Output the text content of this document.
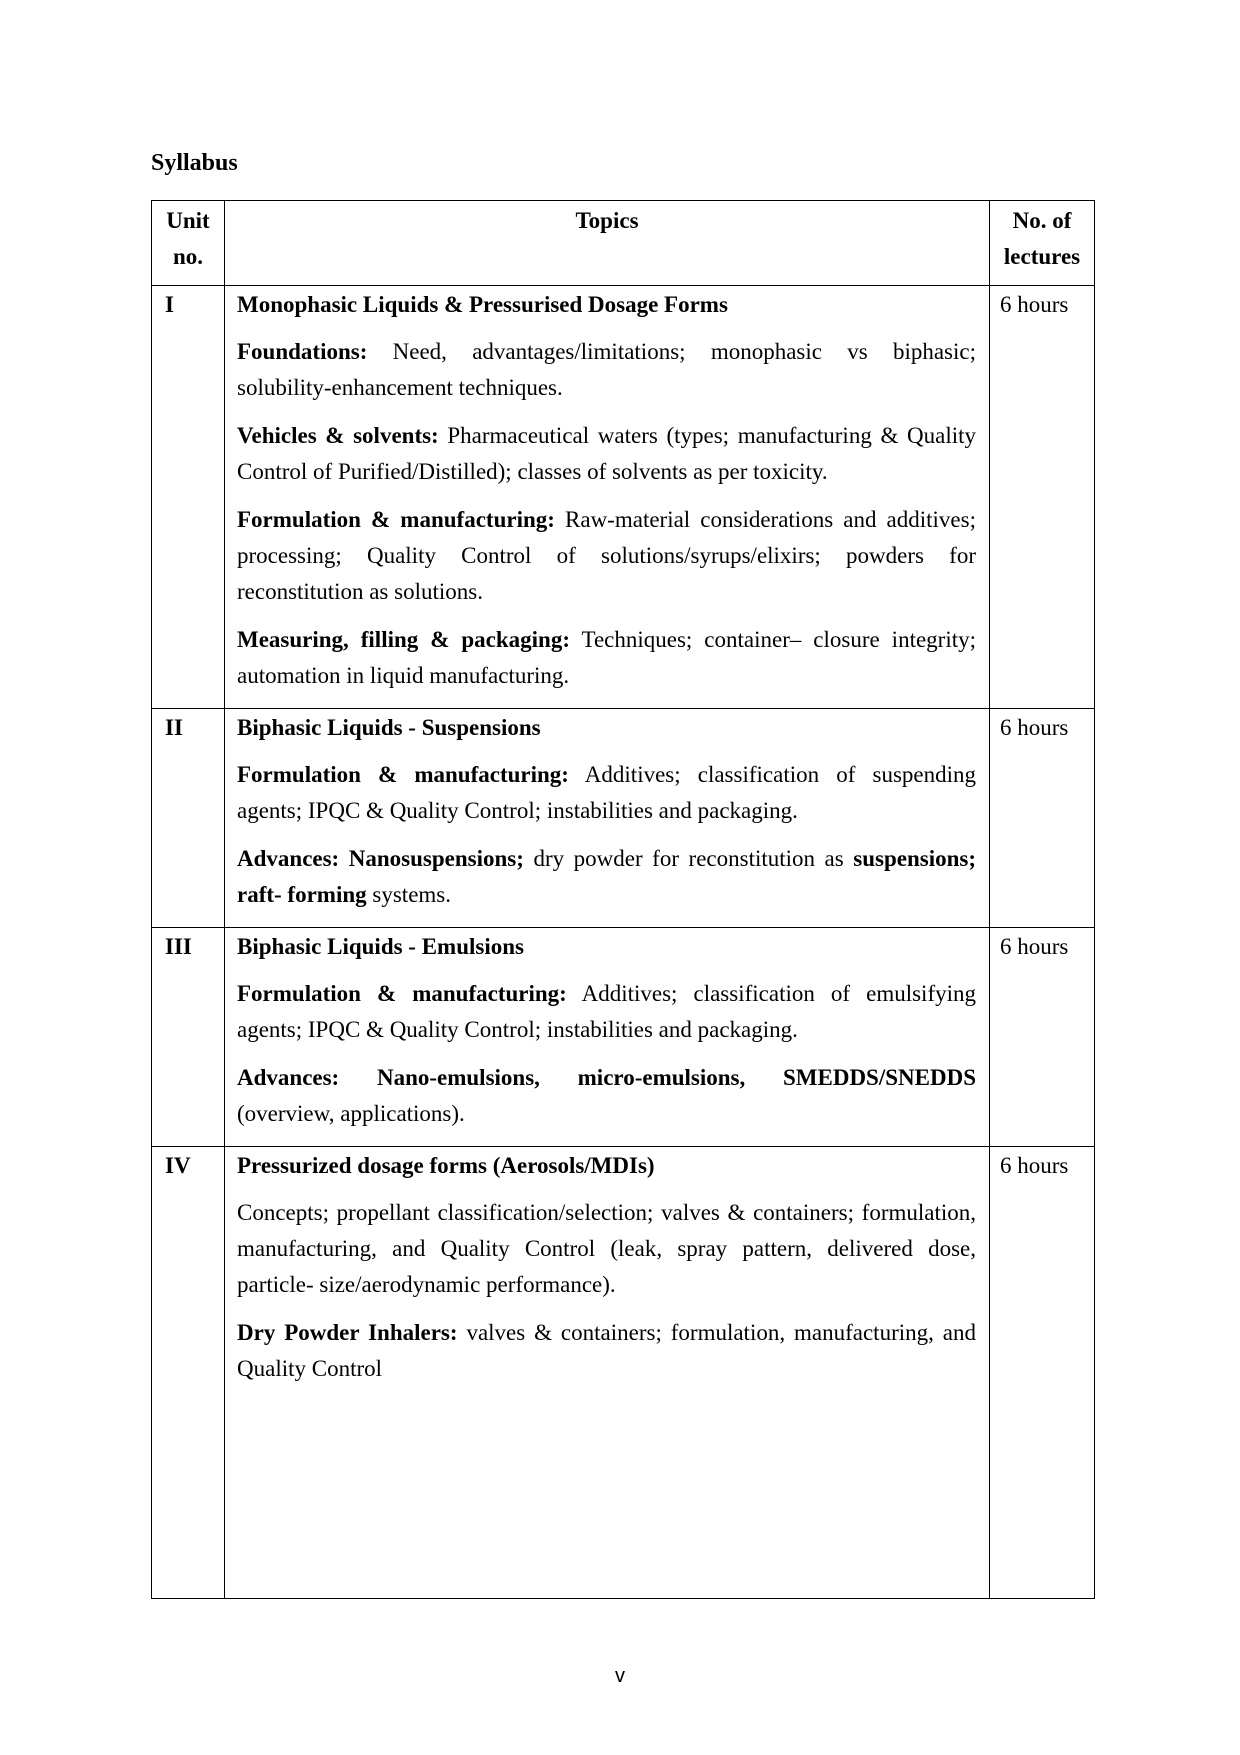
Syllabus
Unit no.	Topics	No. of lectures
I	Monophasic Liquids & Pressurised Dosage Forms
Foundations: Need, advantages/limitations; monophasic vs biphasic; solubility-enhancement techniques.
Vehicles & solvents: Pharmaceutical waters (types; manufacturing & Quality Control of Purified/Distilled); classes of solvents as per toxicity.
Formulation & manufacturing: Raw-material considerations and additives; processing; Quality Control of solutions/syrups/elixirs; powders for reconstitution as solutions.
Measuring, filling & packaging: Techniques; container– closure integrity; automation in liquid manufacturing.	6 hours
II	Biphasic Liquids - Suspensions
Formulation & manufacturing: Additives; classification of suspending agents; IPQC & Quality Control; instabilities and packaging.
Advances: Nanosuspensions; dry powder for reconstitution as suspensions; raft- forming systems.	6 hours
III	Biphasic Liquids - Emulsions
Formulation & manufacturing: Additives; classification of emulsifying agents; IPQC & Quality Control; instabilities and packaging.
Advances: Nano-emulsions, micro-emulsions, SMEDDS/SNEDDS (overview, applications).	6 hours
IV	Pressurized dosage forms (Aerosols/MDIs)
Concepts; propellant classification/selection; valves & containers; formulation, manufacturing, and Quality Control (leak, spray pattern, delivered dose, particle- size/aerodynamic performance).
Dry Powder Inhalers: valves & containers; formulation, manufacturing, and Quality Control	6 hours
v
